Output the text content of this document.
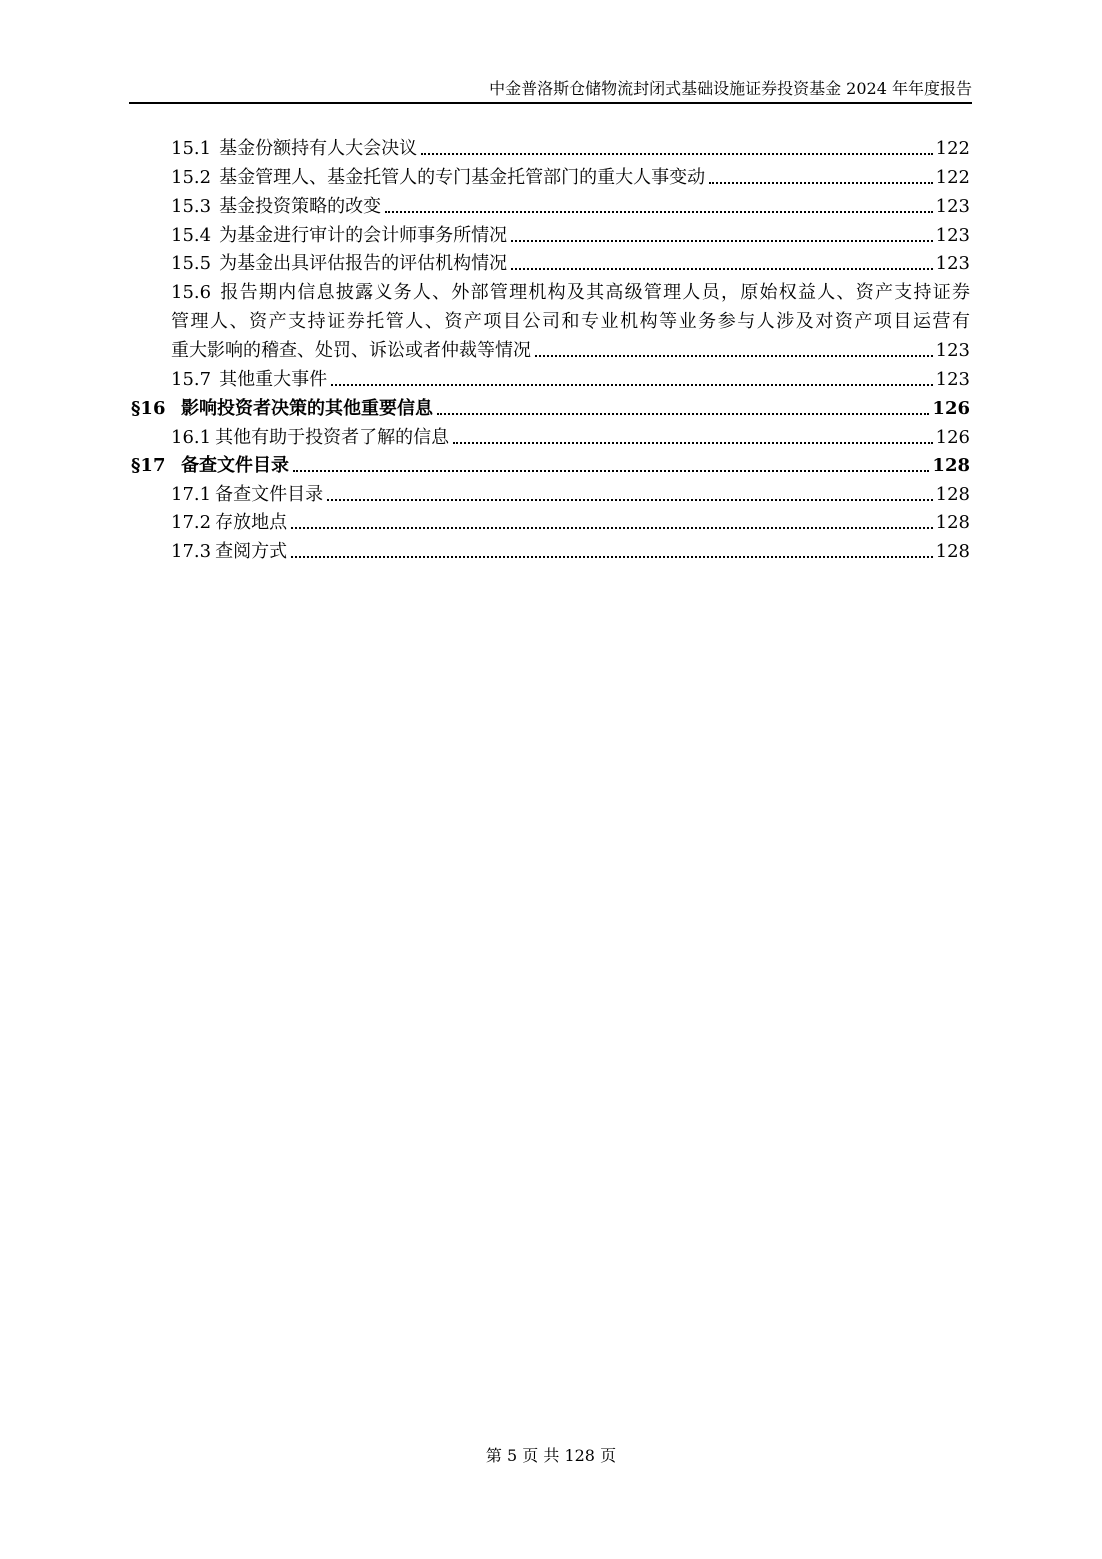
中金普洛斯仓储物流封闭式基础设施证券投资基金 2024 年年度报告
15.1 基金份额持有人大会决议	122
15.2 基金管理人、基金托管人的专门基金托管部门的重大人事变动	122
15.3 基金投资策略的改变	123
15.4 为基金进行审计的会计师事务所情况	123
15.5 为基金出具评估报告的评估机构情况	123
15.6 报告期内信息披露义务人、外部管理机构及其高级管理人员，原始权益人、资产支持证券
管理人、资产支持证券托管人、资产项目公司和专业机构等业务参与人涉及对资产项目运营有
重大影响的稽查、处罚、诉讼或者仲裁等情况	123
15.7 其他重大事件	123
§16 影响投资者决策的其他重要信息	126
16.1 其他有助于投资者了解的信息	126
§17 备查文件目录	128
17.1 备查文件目录	128
17.2 存放地点	128
17.3 查阅方式	128
第 5 页 共 128 页
